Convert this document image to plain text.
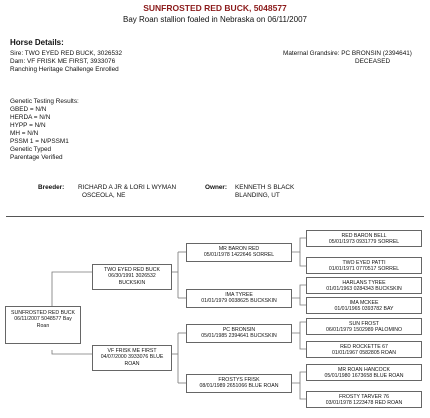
SUNFROSTED RED BUCK, 5048577
Bay Roan stallion foaled in Nebraska on 06/11/2007
Horse Details:
Sire: TWO EYED RED BUCK, 3026532
Dam: VF FRISK ME FIRST, 3933076
Ranching Heritage Challenge Enrolled
Maternal Grandsire: PC BRONSIN (2394641)
DECEASED
Genetic Testing Results:
GBED = N/N
HERDA = N/N
HYPP = N/N
MH = N/N
PSSM 1 = N/PSSM1
Genetic Typed
Parentage Verified
Breeder: RICHARD A JR & LORI L WYMAN
OSCEOLA, NE
Owner: KENNETH S BLACK
BLANDING, UT
SUNFROSTED RED BUCK
06/11/2007 5048577 Bay Roan
TWO EYED RED BUCK
06/30/1991 3026532 BUCKSKIN
VF FRISK ME FIRST
04/07/2000 3933076 BLUE ROAN
MR BARON RED
05/01/1978 1422646 SORREL
IMA TYREE
01/01/1979 0038625 BUCKSKIN
PC BRONSIN
05/01/1985 2394641 BUCKSKIN
FROSTYS FRISK
08/01/1989 2651066 BLUE ROAN
RED BARON BELL
05/01/1973 0931779 SORREL
TWO EYED PATTI
01/01/1971 0770517 SORREL
HARLANS TYREE
01/01/1963 0284343 BUCKSKIN
IMA MCKEE
01/01/1965 0393782 BAY
SUN FROST
06/01/1979 1502989 PALOMINO
RED ROCKETTE 67
01/01/1967 0582805 ROAN
MR ROAN HANCOCK
05/01/1980 1673658 BLUE ROAN
FROSTY TARVER 76
03/01/1978 1223478 RED ROAN
